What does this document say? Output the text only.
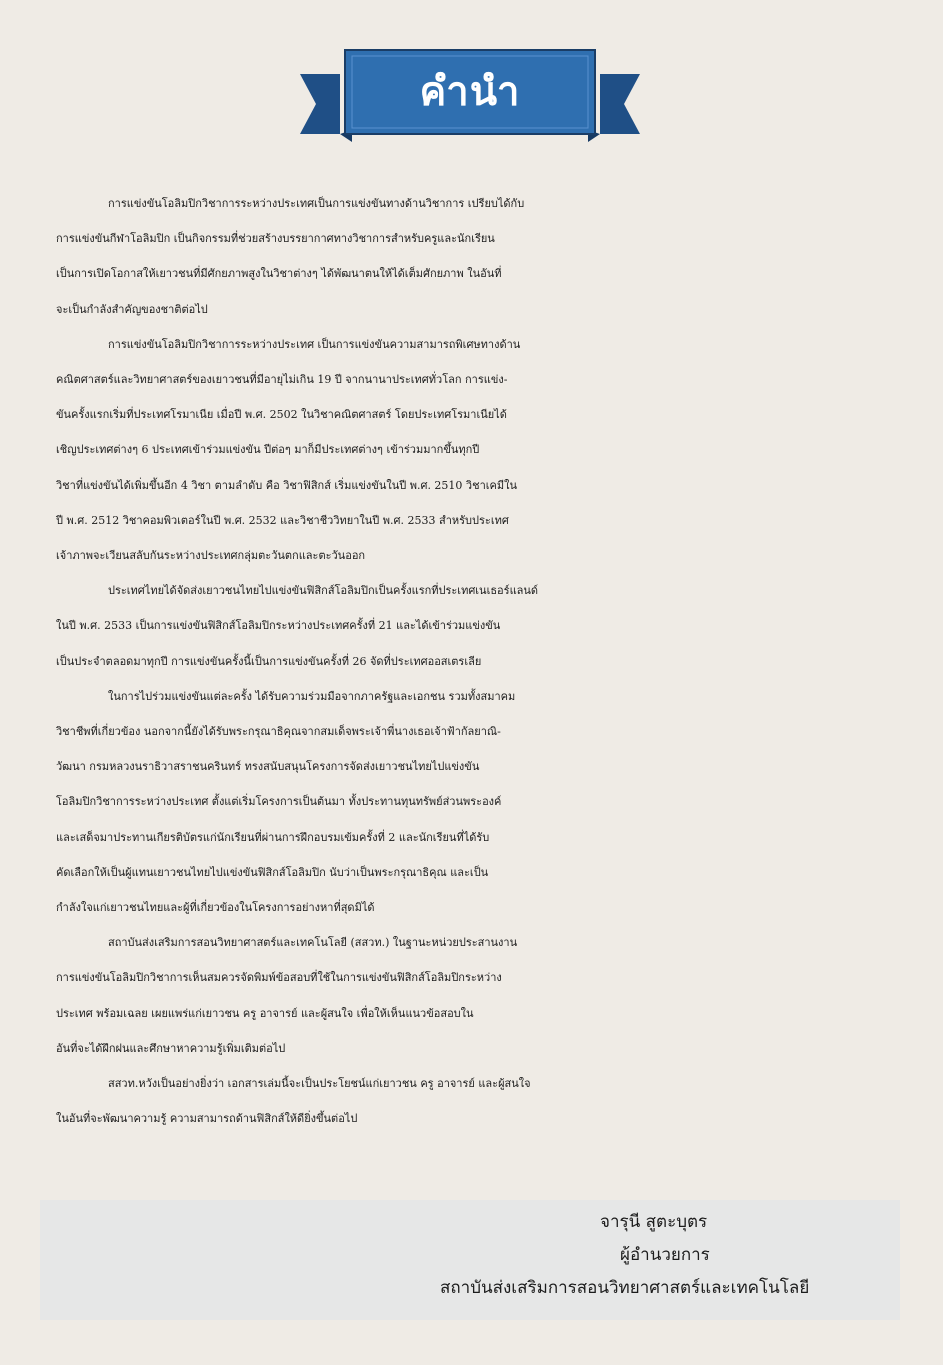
คำนำ

การแข่งขันโอลิมปิกวิชาการระหว่างประเทศเป็นการแข่งขันทางด้านวิชาการ เปรียบได้กับ
การแข่งขันกีฬาโอลิมปิก เป็นกิจกรรมที่ช่วยสร้างบรรยากาศทางวิชาการสำหรับครูและนักเรียน
เป็นการเปิดโอกาสให้เยาวชนที่มีศักยภาพสูงในวิชาต่างๆ ได้พัฒนาตนให้ได้เต็มศักยภาพ ในอันที่
จะเป็นกำลังสำคัญของชาติต่อไป

การแข่งขันโอลิมปิกวิชาการระหว่างประเทศ เป็นการแข่งขันความสามารถพิเศษทางด้าน
คณิตศาสตร์และวิทยาศาสตร์ของเยาวชนที่มีอายุไม่เกิน 19 ปี จากนานาประเทศทั่วโลก การแข่ง-
ขันครั้งแรกเริ่มที่ประเทศโรมาเนีย เมื่อปี พ.ศ. 2502 ในวิชาคณิตศาสตร์ โดยประเทศโรมาเนียได้
เชิญประเทศต่างๆ 6 ประเทศเข้าร่วมแข่งขัน ปีต่อๆ มาก็มีประเทศต่างๆ เข้าร่วมมากขึ้นทุกปี
วิชาที่แข่งขันได้เพิ่มขึ้นอีก 4 วิชา ตามลำดับ คือ วิชาฟิสิกส์ เริ่มแข่งขันในปี พ.ศ. 2510 วิชาเคมีใน
ปี พ.ศ. 2512 วิชาคอมพิวเตอร์ในปี พ.ศ. 2532 และวิชาชีววิทยาในปี พ.ศ. 2533 สำหรับประเทศ
เจ้าภาพจะเวียนสลับกันระหว่างประเทศกลุ่มตะวันตกและตะวันออก

ประเทศไทยได้จัดส่งเยาวชนไทยไปแข่งขันฟิสิกส์โอลิมปิกเป็นครั้งแรกที่ประเทศเนเธอร์แลนด์
ในปี พ.ศ. 2533 เป็นการแข่งขันฟิสิกส์โอลิมปิกระหว่างประเทศครั้งที่ 21 และได้เข้าร่วมแข่งขัน
เป็นประจำตลอดมาทุกปี การแข่งขันครั้งนี้เป็นการแข่งขันครั้งที่ 26 จัดที่ประเทศออสเตรเลีย

ในการไปร่วมแข่งขันแต่ละครั้ง ได้รับความร่วมมือจากภาครัฐและเอกชน รวมทั้งสมาคม
วิชาชีพที่เกี่ยวข้อง นอกจากนี้ยังได้รับพระกรุณาธิคุณจากสมเด็จพระเจ้าพี่นางเธอเจ้าฟ้ากัลยาณิ-
วัฒนา กรมหลวงนราธิวาสราชนครินทร์ ทรงสนับสนุนโครงการจัดส่งเยาวชนไทยไปแข่งขัน
โอลิมปิกวิชาการระหว่างประเทศ ตั้งแต่เริ่มโครงการเป็นต้นมา ทั้งประทานทุนทรัพย์ส่วนพระองค์
และเสด็จมาประทานเกียรติบัตรแก่นักเรียนที่ผ่านการฝึกอบรมเข้มครั้งที่ 2 และนักเรียนที่ได้รับ
คัดเลือกให้เป็นผู้แทนเยาวชนไทยไปแข่งขันฟิสิกส์โอลิมปิก นับว่าเป็นพระกรุณาธิคุณ และเป็น
กำลังใจแก่เยาวชนไทยและผู้ที่เกี่ยวข้องในโครงการอย่างหาที่สุดมิได้

สถาบันส่งเสริมการสอนวิทยาศาสตร์และเทคโนโลยี (สสวท.) ในฐานะหน่วยประสานงาน
การแข่งขันโอลิมปิกวิชาการเห็นสมควรจัดพิมพ์ข้อสอบที่ใช้ในการแข่งขันฟิสิกส์โอลิมปิกระหว่าง
ประเทศ พร้อมเฉลย เผยแพร่แก่เยาวชน ครู อาจารย์ และผู้สนใจ เพื่อให้เห็นแนวข้อสอบใน
อันที่จะได้ฝึกฝนและศึกษาหาความรู้เพิ่มเติมต่อไป

สสวท.หวังเป็นอย่างยิ่งว่า เอกสารเล่มนี้จะเป็นประโยชน์แก่เยาวชน ครู อาจารย์ และผู้สนใจ
ในอันที่จะพัฒนาความรู้ ความสามารถด้านฟิสิกส์ให้ดียิ่งขึ้นต่อไป

จารุนี สูตะบุตร
ผู้อำนวยการ
สถาบันส่งเสริมการสอนวิทยาศาสตร์และเทคโนโลยี
